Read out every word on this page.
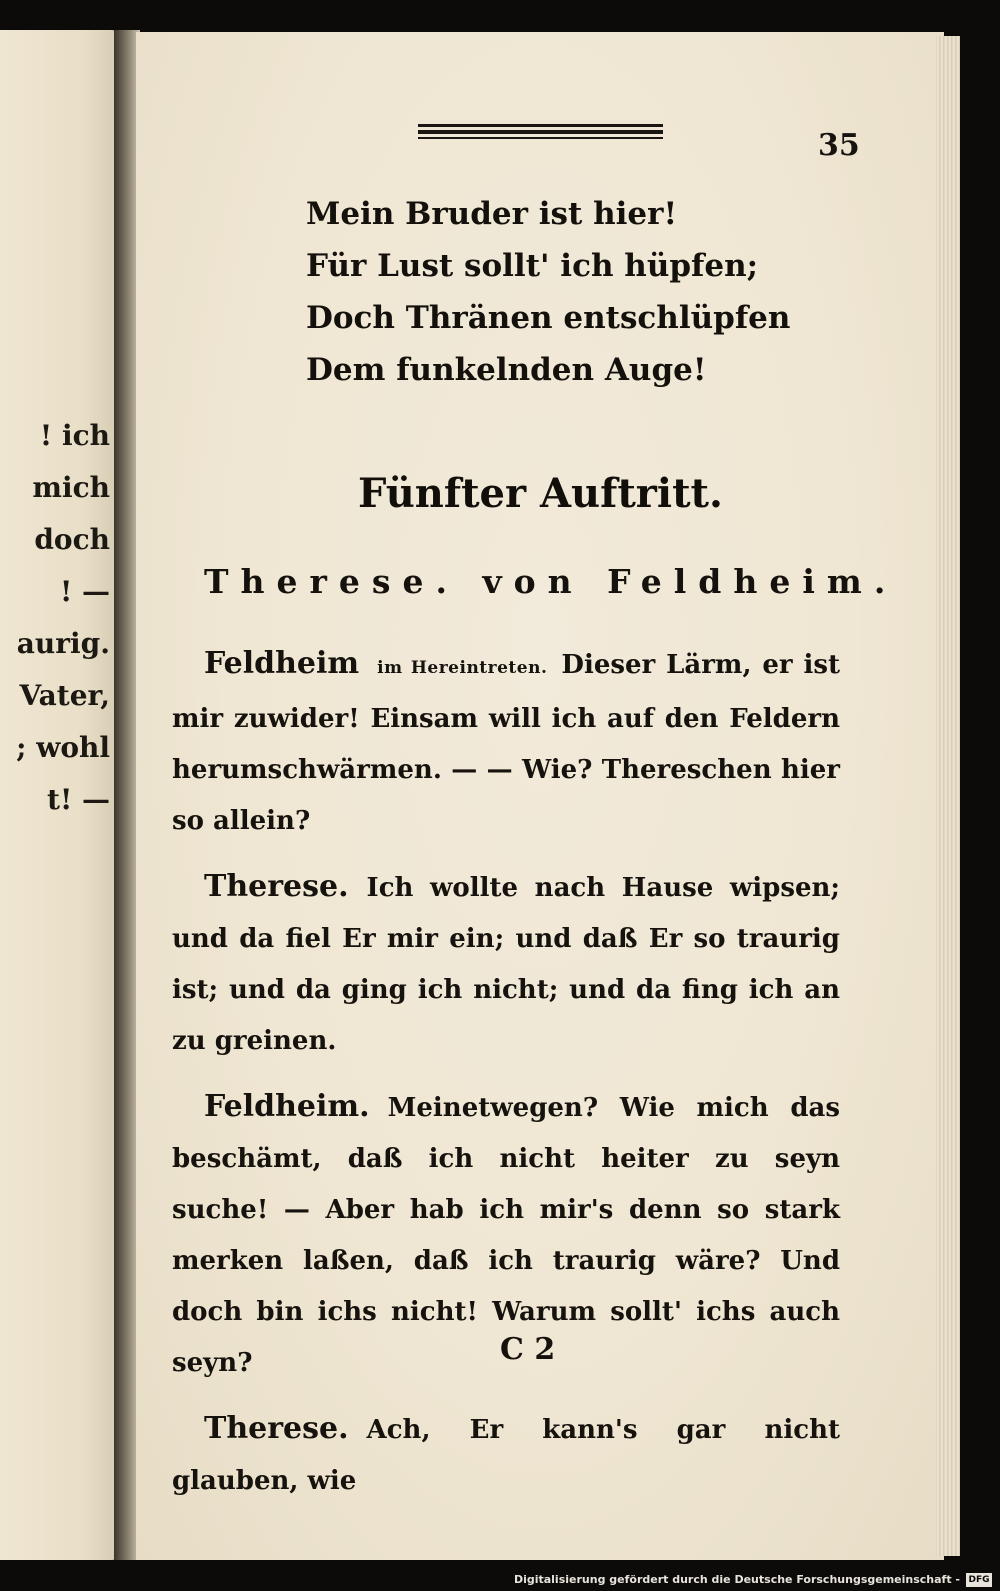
! ich
mich
doch
! —
aurig.
Vater,
; wohl
t! —
35
Mein Bruder ist hier!
Für Lust sollt' ich hüpfen;
Doch Thränen entschlüpfen
Dem funkelnden Auge!
Fünfter Auftritt.
Therese. von Feldheim.

Feldheim im Hereintreten. Dieser Lärm, er ist mir zuwider! Einsam will ich auf den Feldern herumschwärmen. — — Wie? Thereschen hier so allein?

Therese. Ich wollte nach Hause wipsen; und da fiel Er mir ein; und daß Er so traurig ist; und da ging ich nicht; und da fing ich an zu greinen.

Feldheim. Meinetwegen? Wie mich das beschämt, daß ich nicht heiter zu seyn suche! — Aber hab ich mir's denn so stark merken laßen, daß ich traurig wäre? Und doch bin ichs nicht! Warum sollt' ichs auch seyn?

Therese. Ach, Er kann's gar nicht glauben, wie

C 2
Digitalisierung gefördert durch die Deutsche Forschungsgemeinschaft - DFG
